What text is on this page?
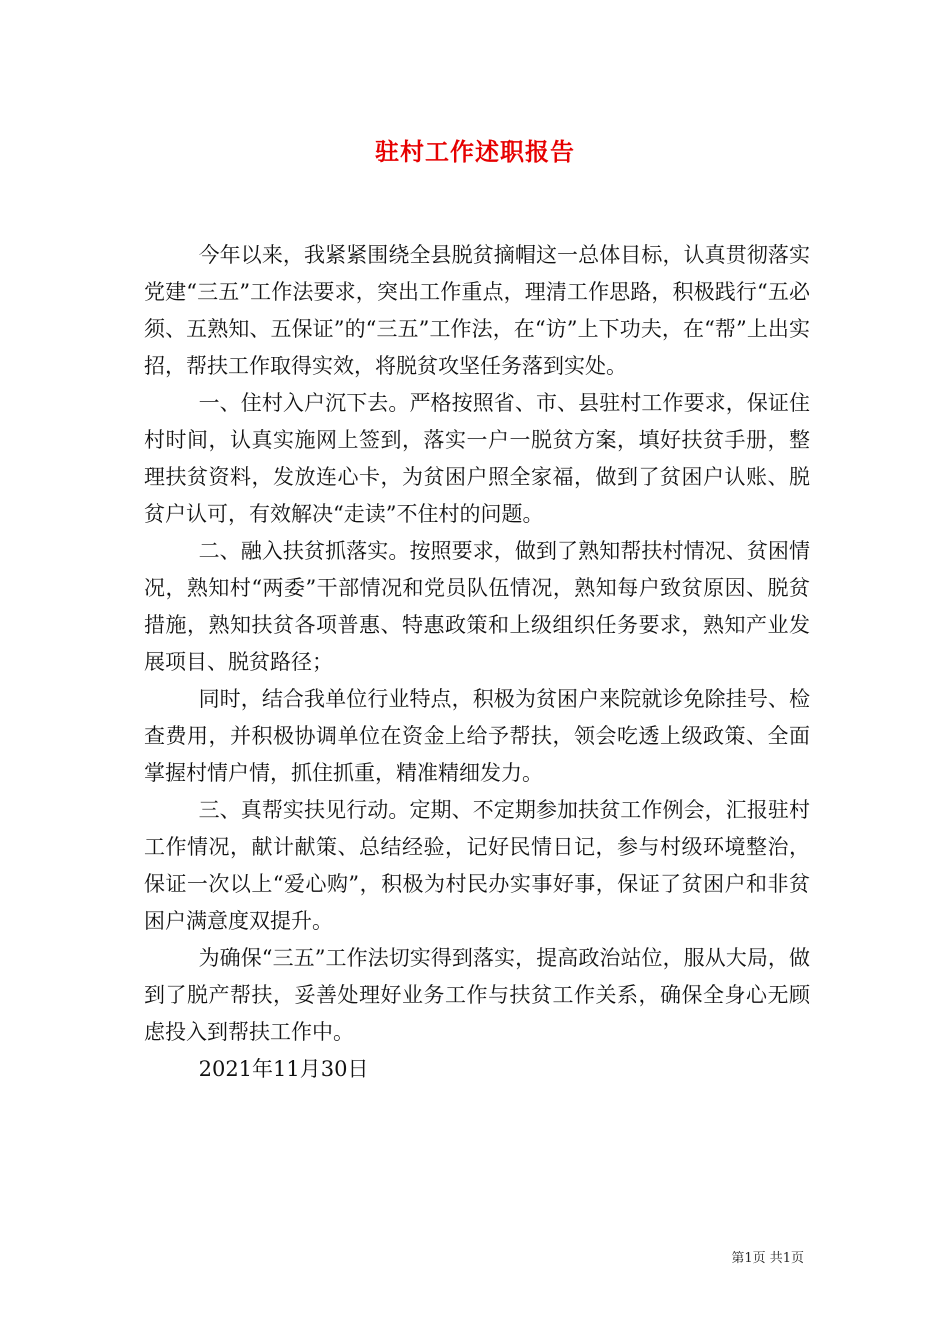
驻村工作述职报告

今年以来，我紧紧围绕全县脱贫摘帽这一总体目标，认真贯彻落实党建“三五”工作法要求，突出工作重点，理清工作思路，积极践行“五必须、五熟知、五保证”的“三五”工作法，在“访”上下功夫，在“帮”上出实招，帮扶工作取得实效，将脱贫攻坚任务落到实处。

一、住村入户沉下去。严格按照省、市、县驻村工作要求，保证住村时间，认真实施网上签到，落实一户一脱贫方案，填好扶贫手册，整理扶贫资料，发放连心卡，为贫困户照全家福，做到了贫困户认账、脱贫户认可，有效解决“走读”不住村的问题。

二、融入扶贫抓落实。按照要求，做到了熟知帮扶村情况、贫困情况，熟知村“两委”干部情况和党员队伍情况，熟知每户致贫原因、脱贫措施，熟知扶贫各项普惠、特惠政策和上级组织任务要求，熟知产业发展项目、脱贫路径；

同时，结合我单位行业特点，积极为贫困户来院就诊免除挂号、检查费用，并积极协调单位在资金上给予帮扶，领会吃透上级政策、全面掌握村情户情，抓住抓重，精准精细发力。

三、真帮实扶见行动。定期、不定期参加扶贫工作例会，汇报驻村工作情况，献计献策、总结经验，记好民情日记，参与村级环境整治，保证一次以上“爱心购”，积极为村民办实事好事，保证了贫困户和非贫困户满意度双提升。

为确保“三五”工作法切实得到落实，提高政治站位，服从大局，做到了脱产帮扶，妥善处理好业务工作与扶贫工作关系，确保全身心无顾虑投入到帮扶工作中。

2021年11月30日

第1页 共1页
